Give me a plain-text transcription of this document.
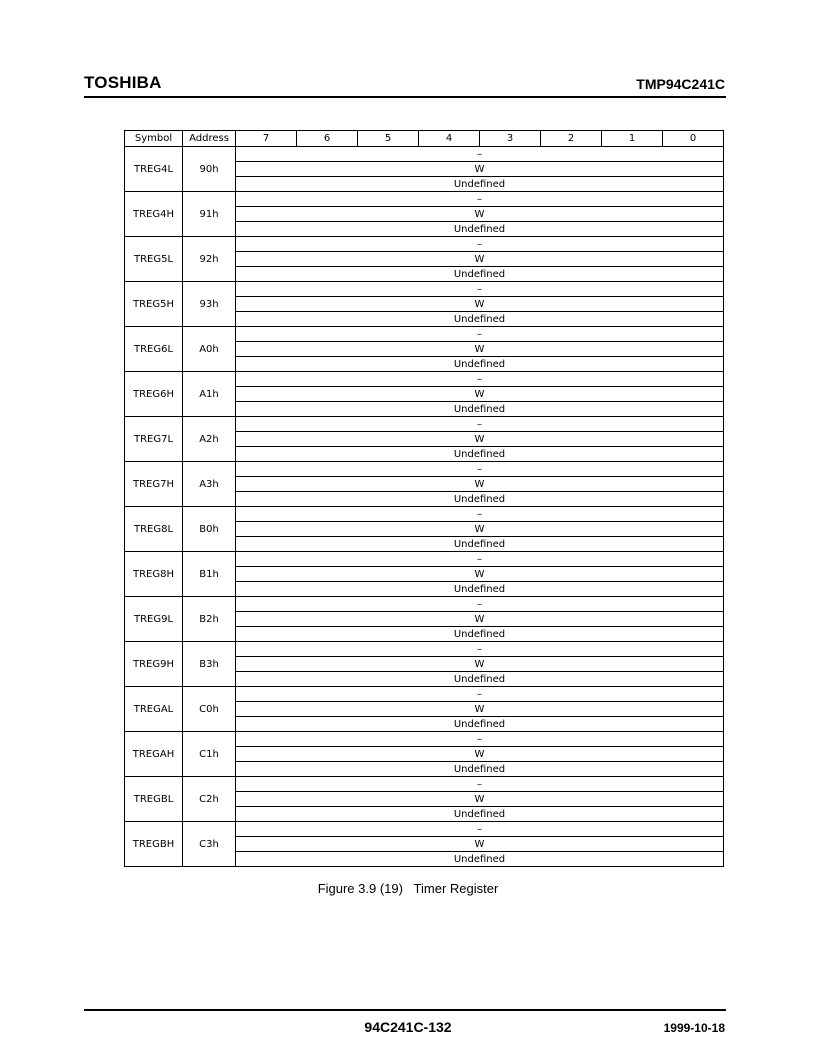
TOSHIBA	TMP94C241C
Symbol	Address	7	6	5	4	3	2	1	0
TREG4L	90h	–							
		W							
		Undefined							
TREG4H	91h	–							
		W							
		Undefined							
TREG5L	92h	–							
		W							
		Undefined							
TREG5H	93h	–							
		W							
		Undefined							
TREG6L	A0h	–							
		W							
		Undefined							
TREG6H	A1h	–							
		W							
		Undefined							
TREG7L	A2h	–							
		W							
		Undefined							
TREG7H	A3h	–							
		W							
		Undefined							
TREG8L	B0h	–							
		W							
		Undefined							
TREG8H	B1h	–							
		W							
		Undefined							
TREG9L	B2h	–							
		W							
		Undefined							
TREG9H	B3h	–							
		W							
		Undefined							
TREGAL	C0h	–							
		W							
		Undefined							
TREGAH	C1h	–							
		W							
		Undefined							
TREGBL	C2h	–							
		W							
		Undefined							
TREGBH	C3h	–							
		W							
		Undefined							
Figure 3.9 (19)   Timer Register
94C241C-132	1999-10-18
